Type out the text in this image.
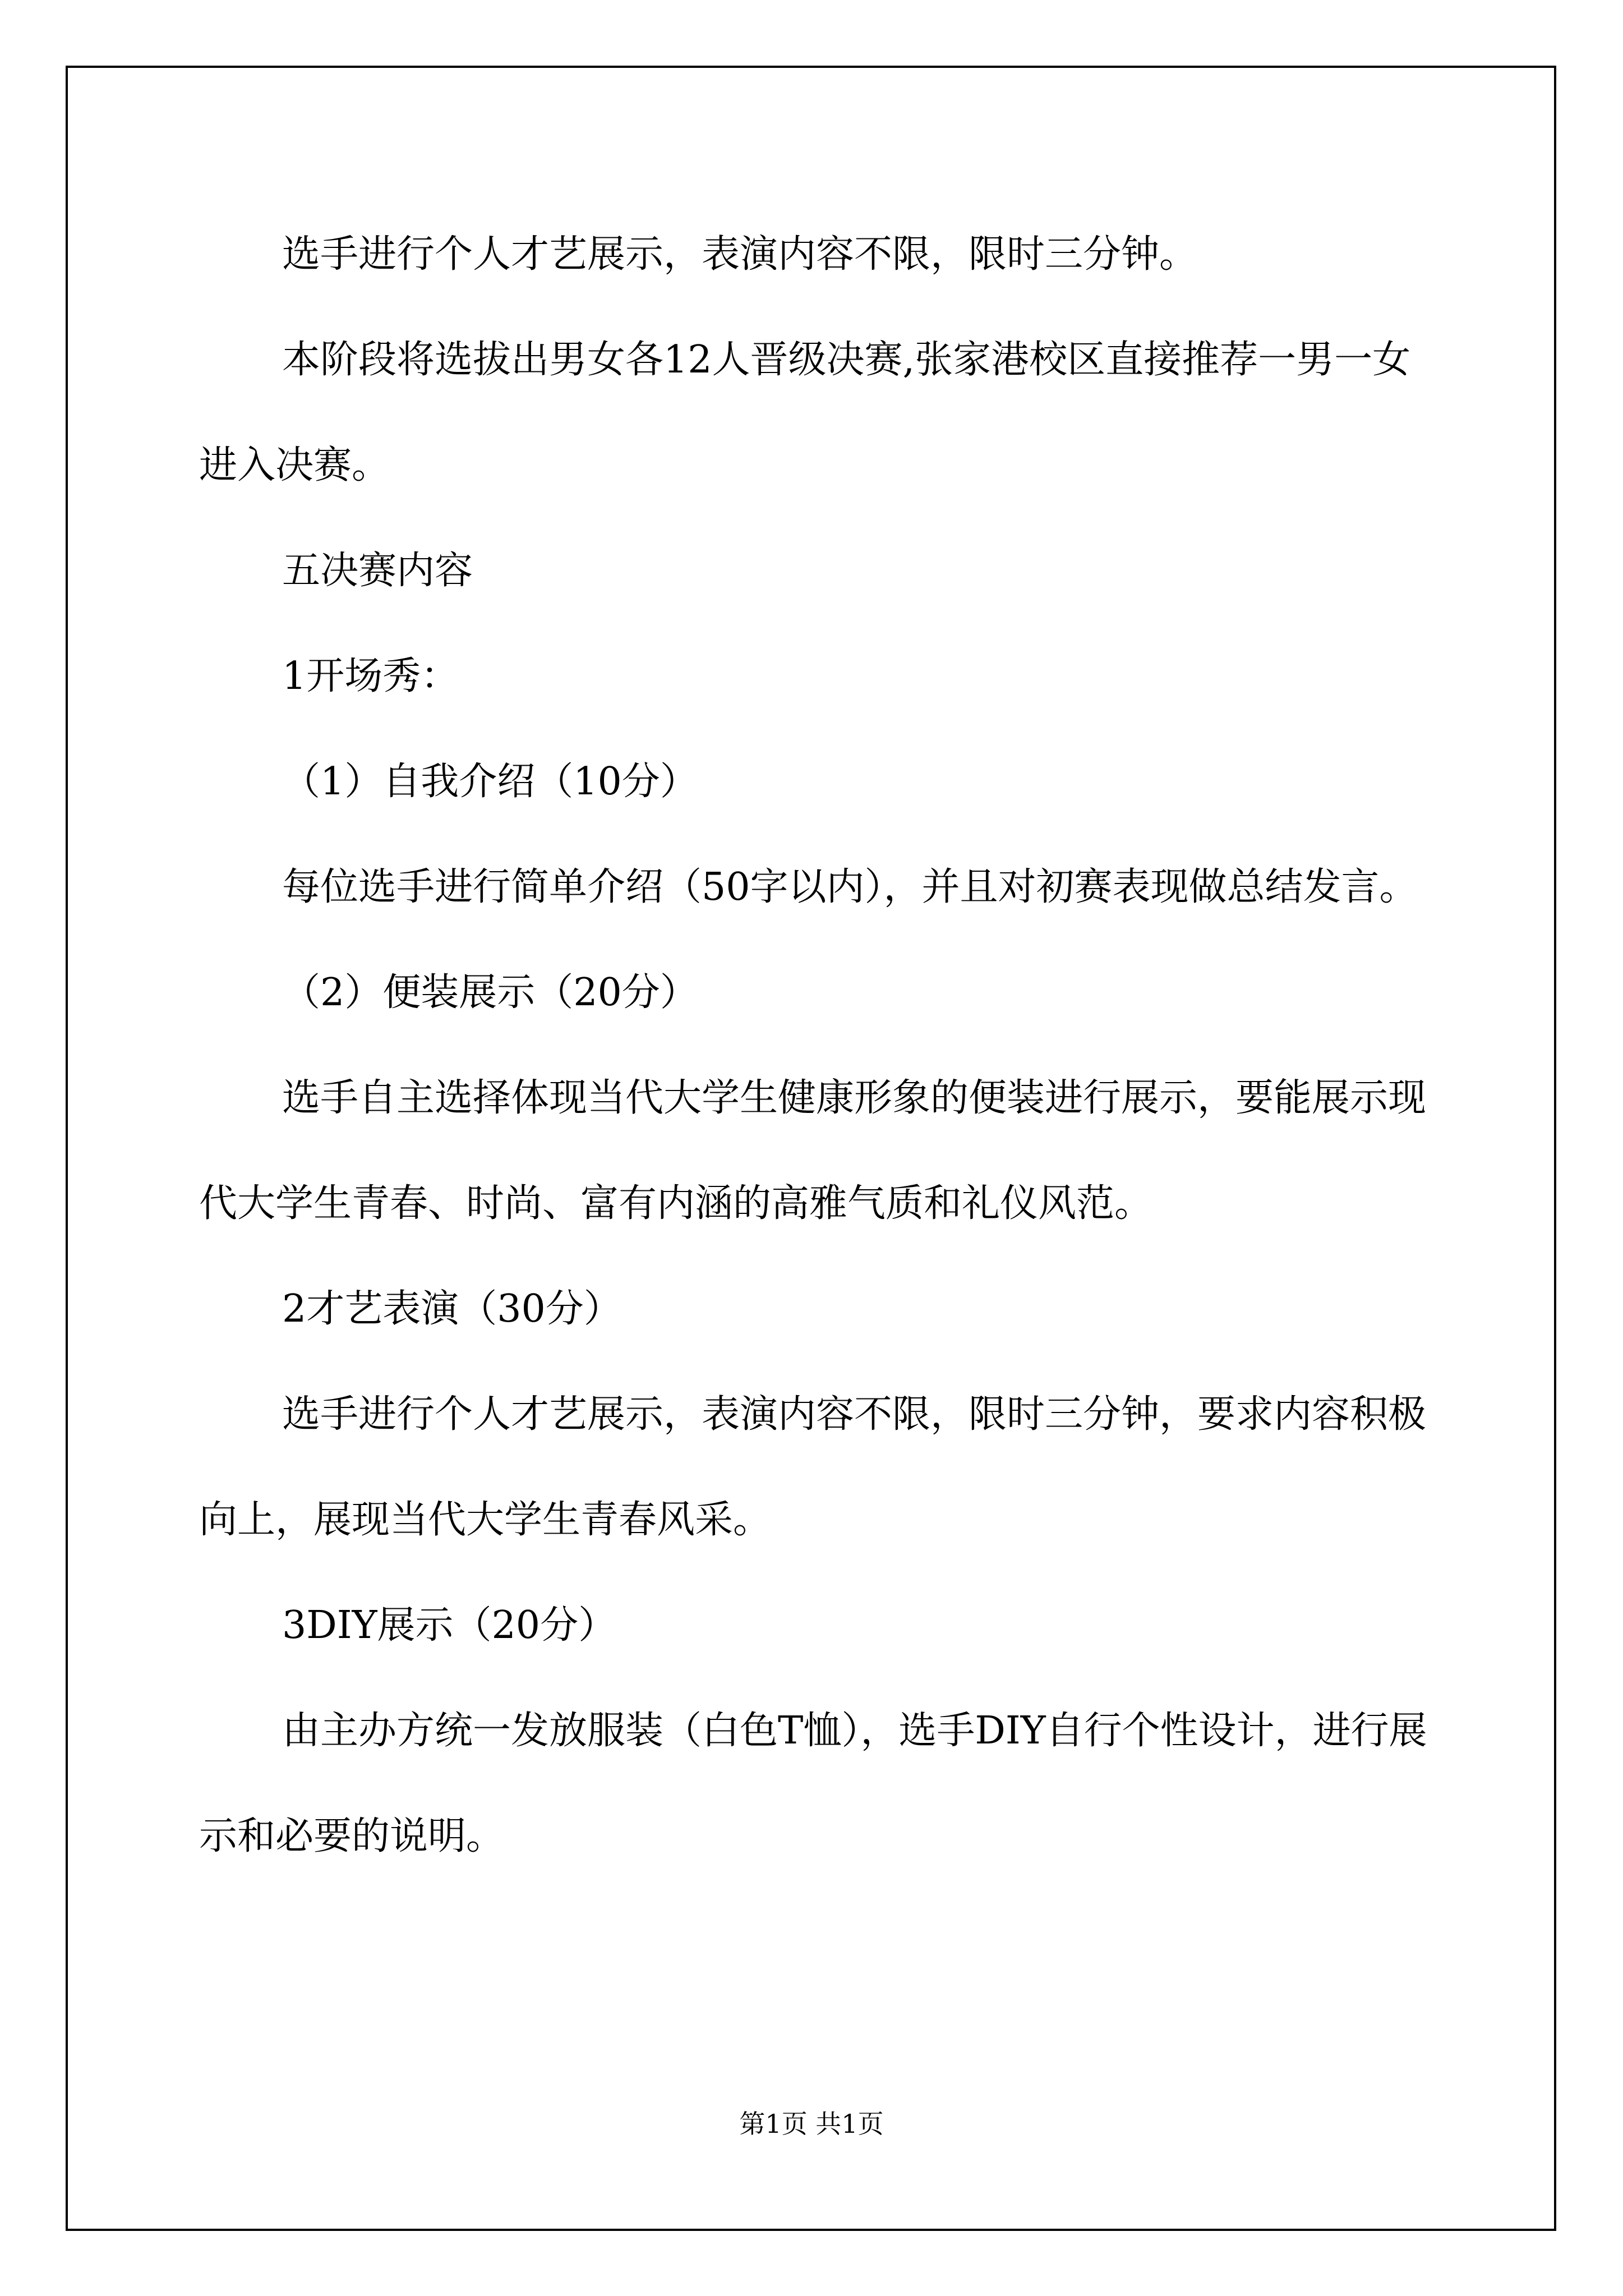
选手进行个人才艺展示，表演内容不限，限时三分钟。

本阶段将选拔出男女各12人晋级决赛,张家港校区直接推荐一男一女进入决赛。

五决赛内容

1开场秀：

（1）自我介绍（10分）

每位选手进行简单介绍（50字以内），并且对初赛表现做总结发言。

（2）便装展示（20分）

选手自主选择体现当代大学生健康形象的便装进行展示，要能展示现代大学生青春、时尚、富有内涵的高雅气质和礼仪风范。

2才艺表演（30分）

选手进行个人才艺展示，表演内容不限，限时三分钟，要求内容积极向上，展现当代大学生青春风采。

3DIY展示（20分）

由主办方统一发放服装（白色T恤），选手DIY自行个性设计，进行展示和必要的说明。

第1页 共1页
